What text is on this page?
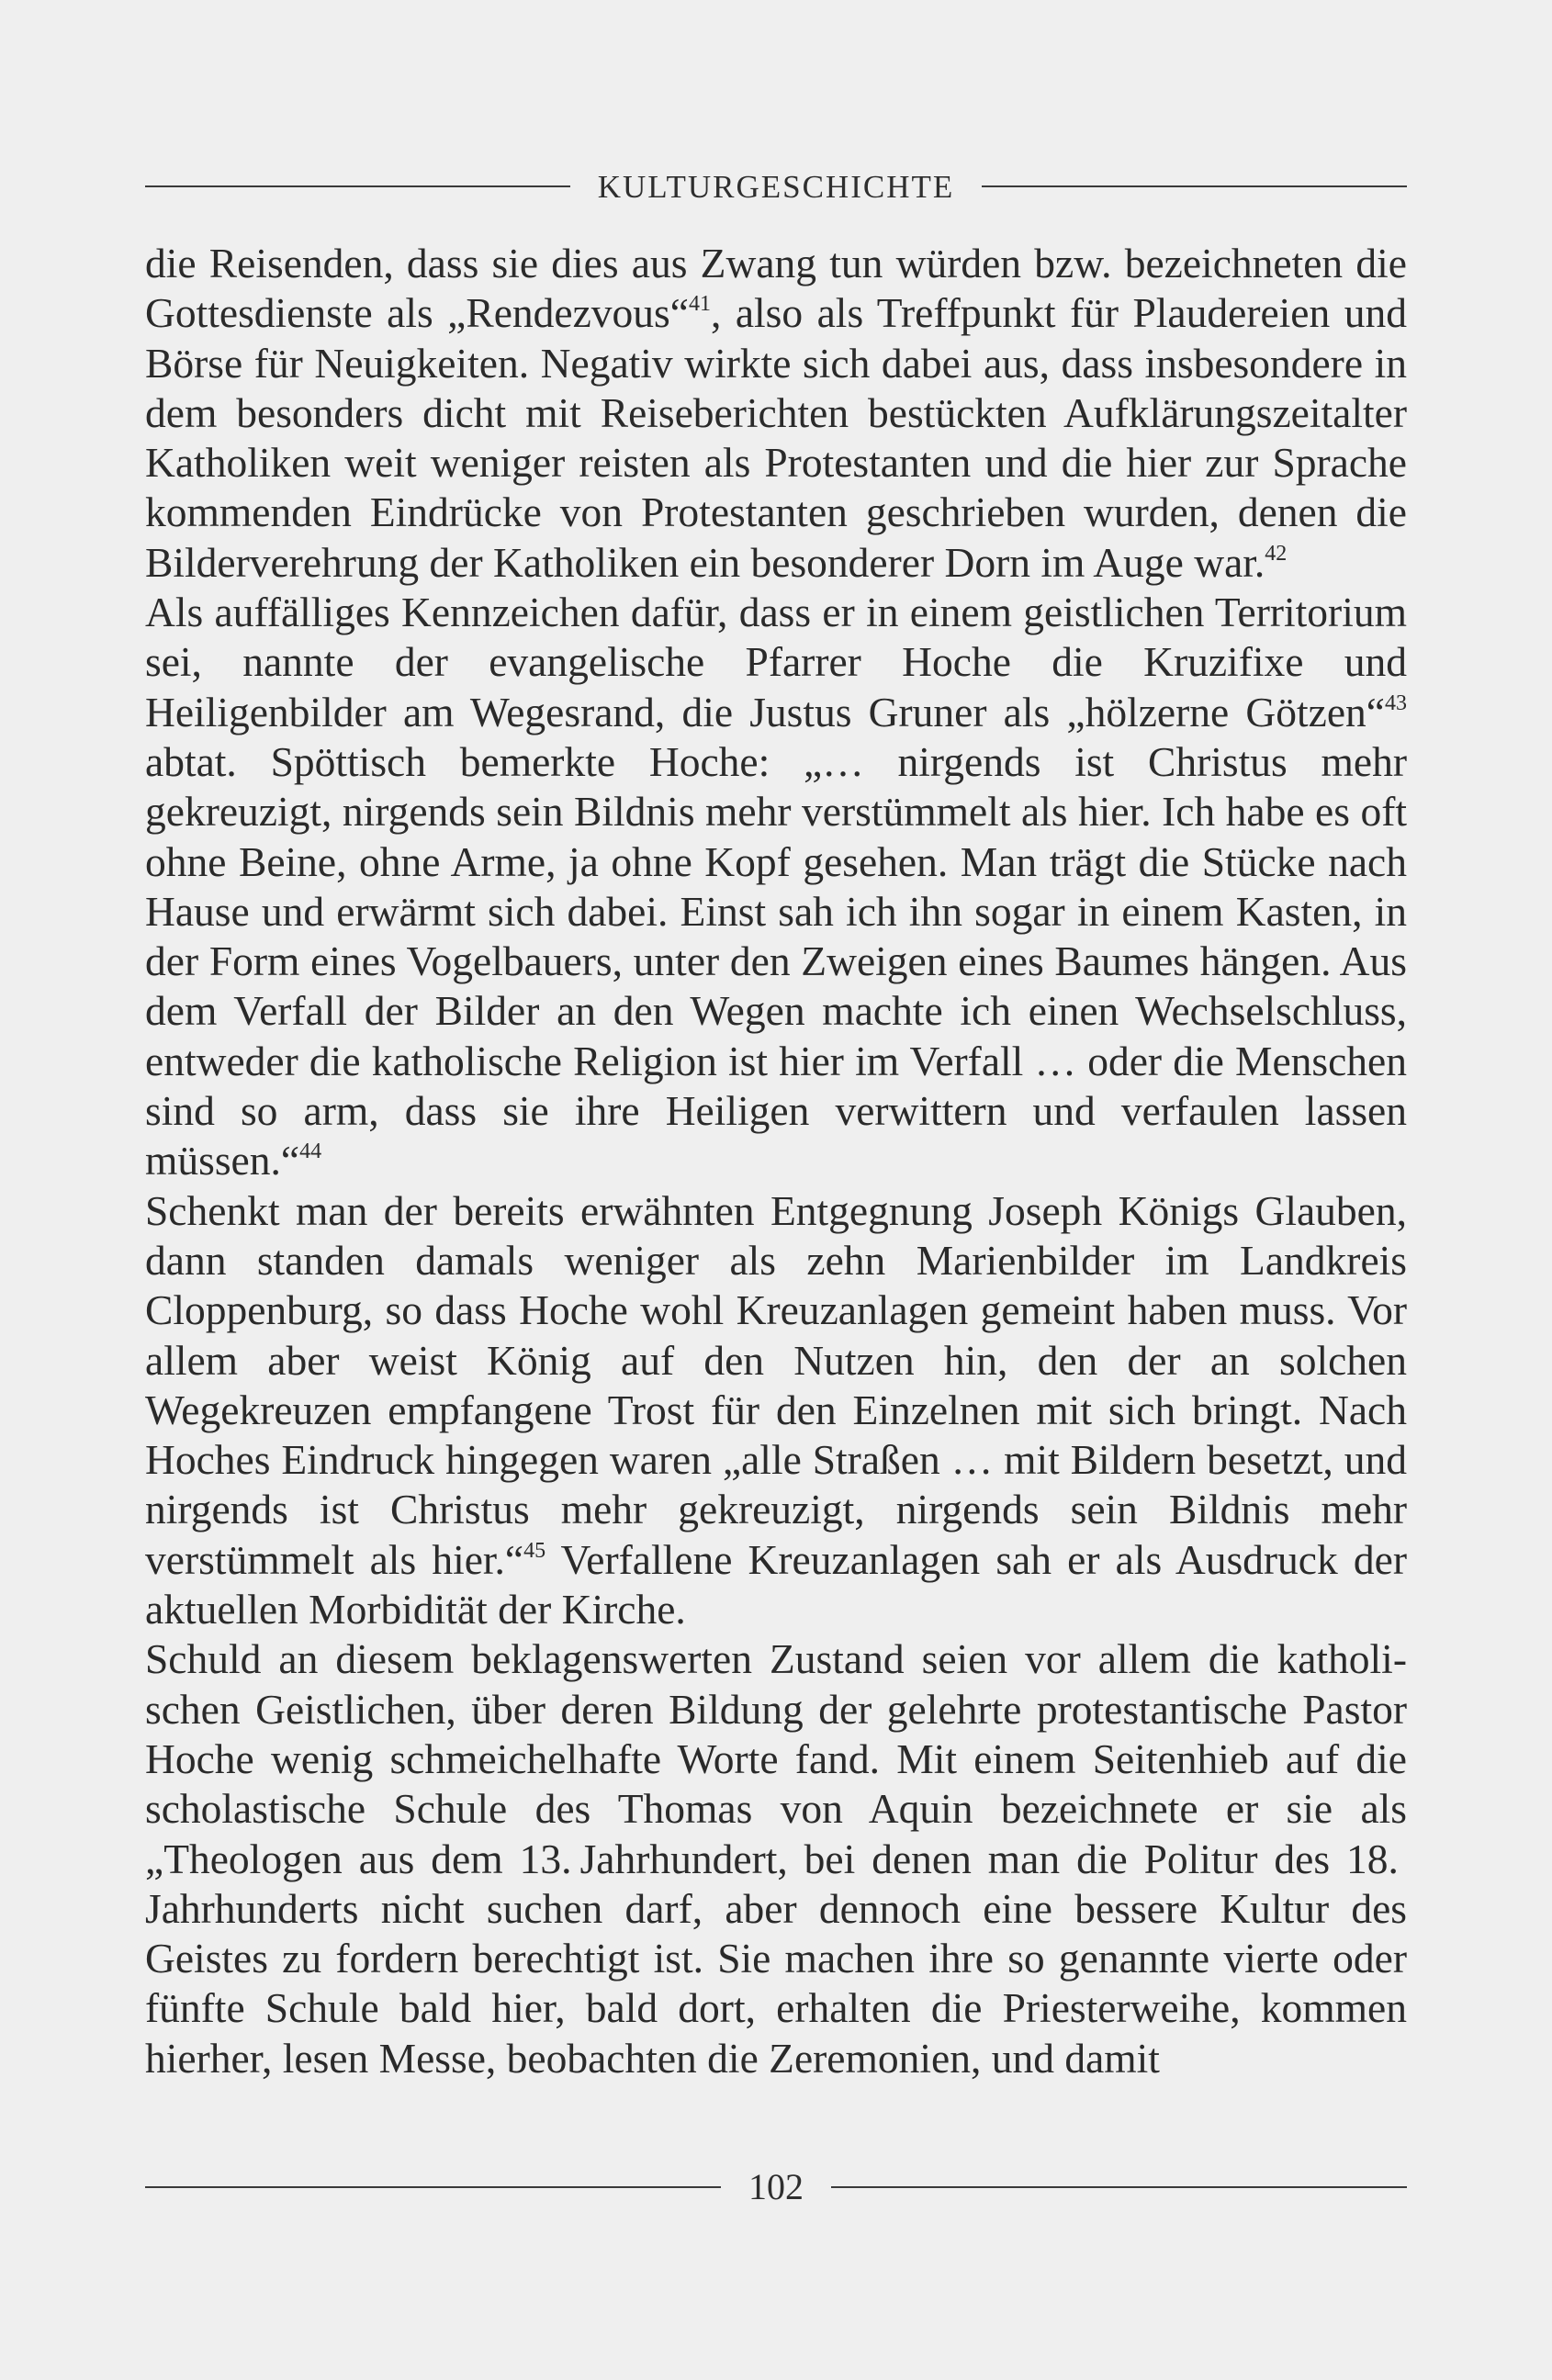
KULTURGESCHICHTE

die Reisenden, dass sie dies aus Zwang tun würden bzw. bezeichneten die Gottesdienste als „Rendezvous“$^{41}$, also als Treffpunkt für Plaudereien und Börse für Neuigkeiten. Negativ wirkte sich dabei aus, dass insbesondere in dem besonders dicht mit Reiseberichten bestückten Aufklärungszeitalter Katholiken weit weniger reisten als Protestanten und die hier zur Sprache kommenden Eindrücke von Protestanten geschrieben wurden, denen die Bilderverehrung der Katholiken ein besonderer Dorn im Auge war.$^{42}$

Als auffälliges Kennzeichen dafür, dass er in einem geistlichen Territorium sei, nannte der evangelische Pfarrer Hoche die Kruzifixe und Heiligenbilder am Wegesrand, die Justus Gruner als „hölzerne Götzen“$^{43}$ abtat. Spöttisch bemerkte Hoche: „… nirgends ist Christus mehr gekreuzigt, nirgends sein Bildnis mehr verstümmelt als hier. Ich habe es oft ohne Beine, ohne Arme, ja ohne Kopf gesehen. Man trägt die Stücke nach Hause und erwärmt sich dabei. Einst sah ich ihn sogar in einem Kasten, in der Form eines Vogelbauers, unter den Zweigen eines Baumes hängen. Aus dem Verfall der Bilder an den Wegen machte ich einen Wechselschluss, entweder die katholische Religion ist hier im Verfall … oder die Menschen sind so arm, dass sie ihre Heiligen verwittern und verfaulen lassen müssen.“$^{44}$

Schenkt man der bereits erwähnten Entgegnung Joseph Königs Glauben, dann standen damals weniger als zehn Marienbilder im Landkreis Cloppenburg, so dass Hoche wohl Kreuzanlagen gemeint haben muss. Vor allem aber weist König auf den Nutzen hin, den der an solchen Wegekreuzen empfangene Trost für den Einzelnen mit sich bringt. Nach Hoches Eindruck hingegen waren „alle Straßen … mit Bildern besetzt, und nirgends ist Christus mehr gekreuzigt, nirgends sein Bildnis mehr verstümmelt als hier.“$^{45}$ Verfallene Kreuzanlagen sah er als Ausdruck der aktuellen Morbidität der Kirche.

Schuld an diesem beklagenswerten Zustand seien vor allem die katholischen Geistlichen, über deren Bildung der gelehrte protestantische Pastor Hoche wenig schmeichelhafte Worte fand. Mit einem Seitenhieb auf die scholastische Schule des Thomas von Aquin bezeichnete er sie als „Theologen aus dem 13. Jahrhundert, bei denen man die Politur des 18. Jahrhunderts nicht suchen darf, aber dennoch eine bessere Kultur des Geistes zu fordern berechtigt ist. Sie machen ihre so genannte vierte oder fünfte Schule bald hier, bald dort, erhalten die Priesterweihe, kommen hierher, lesen Messe, beobachten die Zeremonien, und damit

102
